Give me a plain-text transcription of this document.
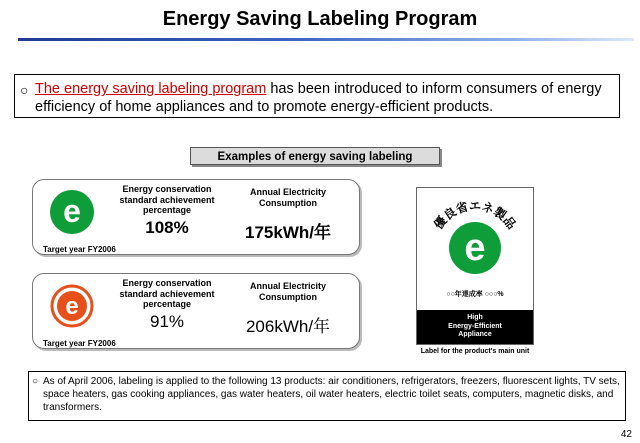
Energy Saving Labeling Program
○ The energy saving labeling program has been introduced to inform consumers of energy efficiency of home appliances and to promote energy-efficient products.
Examples of energy saving labeling
e
Target year FY2006
Energy conservation standard achievement percentage
108%
Annual Electricity Consumption
175kWh/年
e
Target year FY2006
Energy conservation standard achievement percentage
91%
Annual Electricity Consumption
206kWh/年
優良省エネ製品
e
○○年達成率 ○○○%
High
Energy-Efficient
Appliance
Label for the product's main unit
○ As of April 2006, labeling is applied to the following 13 products: air conditioners, refrigerators, freezers, fluorescent lights, TV sets, space heaters, gas cooking appliances, gas water heaters, oil water heaters, electric toilet seats, computers, magnetic disks, and transformers.
42
